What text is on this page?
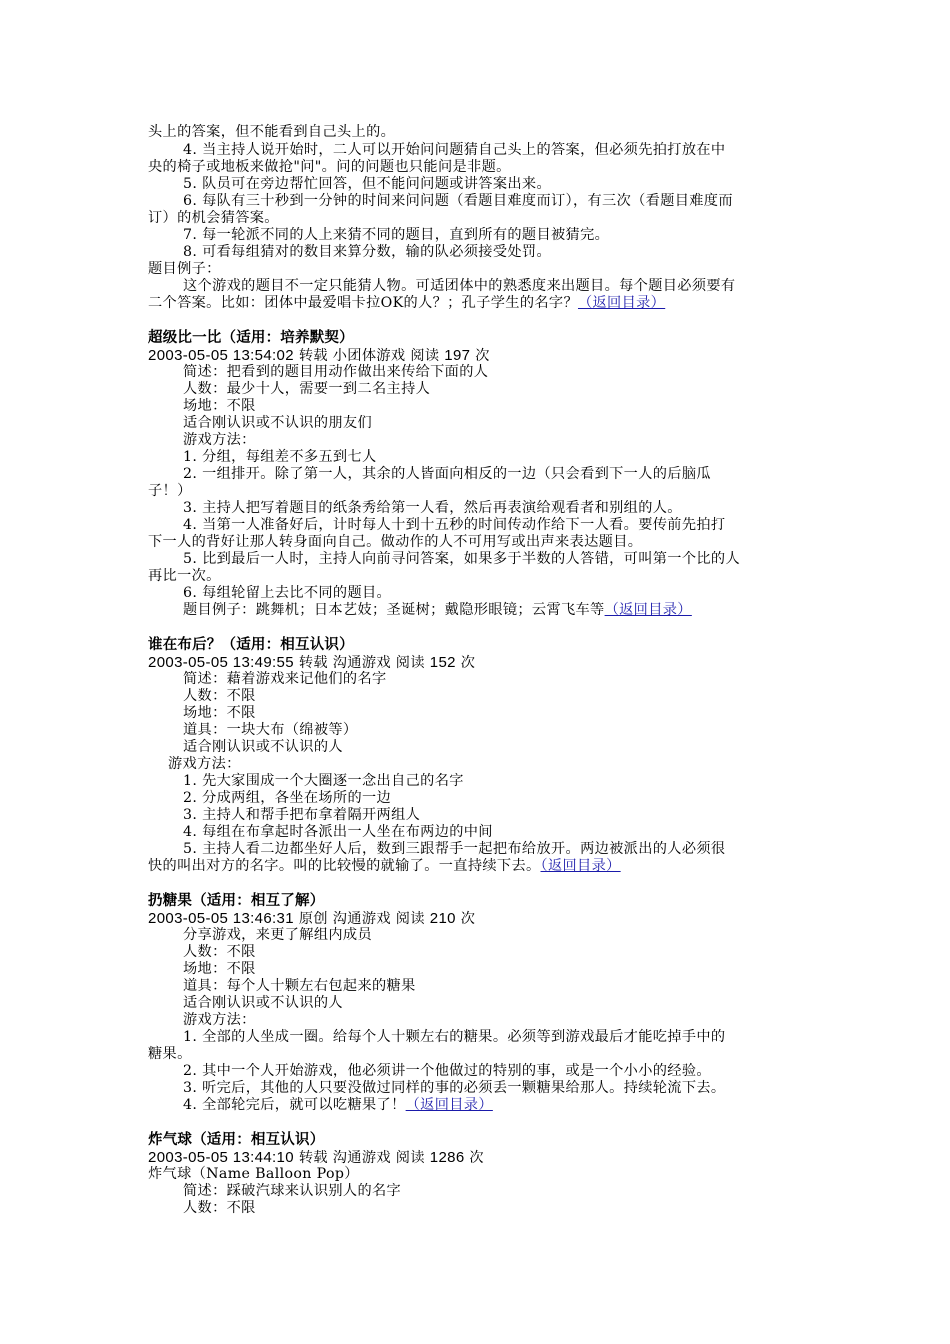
头上的答案，但不能看到自己头上的。
4. 当主持人说开始时，二人可以开始问问题猜自己头上的答案，但必须先拍打放在中
央的椅子或地板来做抢"问"。问的问题也只能问是非题。
5. 队员可在旁边帮忙回答，但不能问问题或讲答案出来。
6. 每队有三十秒到一分钟的时间来问问题（看题目难度而订），有三次（看题目难度而
订）的机会猜答案。
7. 每一轮派不同的人上来猜不同的题目，直到所有的题目被猜完。
8. 可看每组猜对的数目来算分数，输的队必须接受处罚。
题目例子：
这个游戏的题目不一定只能猜人物。可适团体中的熟悉度来出题目。每个题目必须要有
二个答案。比如：团体中最爱唱卡拉OK的人？；孔子学生的名字？（返回目录）
超级比一比（适用：培养默契）
2003-05-05 13:54:02 转载 小团体游戏 阅读 197 次
简述：把看到的题目用动作做出来传给下面的人
人数：最少十人，需要一到二名主持人
场地：不限
适合刚认识或不认识的朋友们
游戏方法：
1. 分组，每组差不多五到七人
2. 一组排开。除了第一人，其余的人皆面向相反的一边（只会看到下一人的后脑瓜
子！）
3. 主持人把写着题目的纸条秀给第一人看，然后再表演给观看者和别组的人。
4. 当第一人准备好后，计时每人十到十五秒的时间传动作给下一人看。要传前先拍打
下一人的背好让那人转身面向自己。做动作的人不可用写或出声来表达题目。
5. 比到最后一人时，主持人向前寻问答案，如果多于半数的人答错，可叫第一个比的人
再比一次。
6. 每组轮留上去比不同的题目。
题目例子：跳舞机；日本艺妓；圣诞树；戴隐形眼镜；云霄飞车等（返回目录）
谁在布后？（适用：相互认识）
2003-05-05 13:49:55 转载 沟通游戏 阅读 152 次
简述：藉着游戏来记他们的名字
人数：不限
场地：不限
道具：一块大布（绵被等）
适合刚认识或不认识的人
游戏方法：
1. 先大家围成一个大圈逐一念出自己的名字
2. 分成两组，各坐在场所的一边
3. 主持人和帮手把布拿着隔开两组人
4. 每组在布拿起时各派出一人坐在布两边的中间
5. 主持人看二边都坐好人后，数到三跟帮手一起把布给放开。两边被派出的人必须很
快的叫出对方的名字。叫的比较慢的就输了。一直持续下去。（返回目录）
扔糖果（适用：相互了解）
2003-05-05 13:46:31 原创 沟通游戏 阅读 210 次
分享游戏，来更了解组内成员
人数：不限
场地：不限
道具：每个人十颗左右包起来的糖果
适合刚认识或不认识的人
游戏方法：
1. 全部的人坐成一圈。给每个人十颗左右的糖果。必须等到游戏最后才能吃掉手中的
糖果。
2. 其中一个人开始游戏，他必须讲一个他做过的特别的事，或是一个小小的经验。
3. 听完后，其他的人只要没做过同样的事的必须丢一颗糖果给那人。持续轮流下去。
4. 全部轮完后，就可以吃糖果了！（返回目录）
炸气球（适用：相互认识）
2003-05-05 13:44:10 转载 沟通游戏 阅读 1286 次
炸气球（Name Balloon Pop）
简述：踩破汽球来认识别人的名字
人数：不限
